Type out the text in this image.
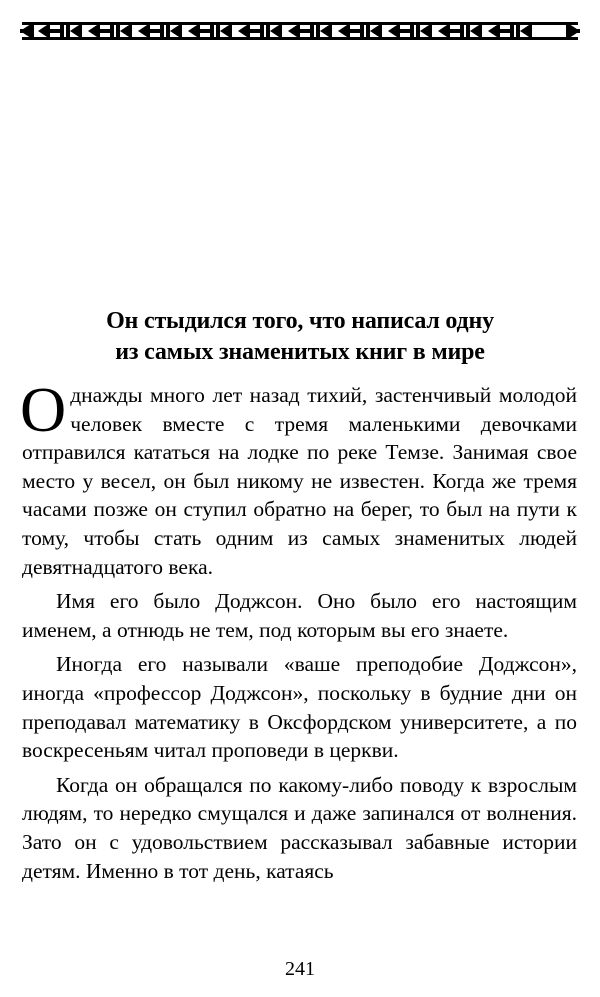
Он стыдился того, что написал одну
из самых знаменитых книг в мире

Однажды много лет назад тихий, застенчивый молодой человек вместе с тремя маленькими девочками отправился кататься на лодке по реке Темзе. Занимая свое место у весел, он был никому не известен. Когда же тремя часами позже он ступил обратно на берег, то был на пути к тому, чтобы стать одним из самых знаменитых людей девятнадцатого века.

Имя его было Доджсон. Оно было его настоящим именем, а отнюдь не тем, под которым вы его знаете.

Иногда его называли «ваше преподобие Доджсон», иногда «профессор Доджсон», поскольку в будние дни он преподавал математику в Оксфордском университете, а по воскресеньям читал проповеди в церкви.

Когда он обращался по какому-либо поводу к взрослым людям, то нередко смущался и даже запинался от волнения. Зато он с удовольствием рассказывал забавные истории детям. Именно в тот день, катаясь

241
